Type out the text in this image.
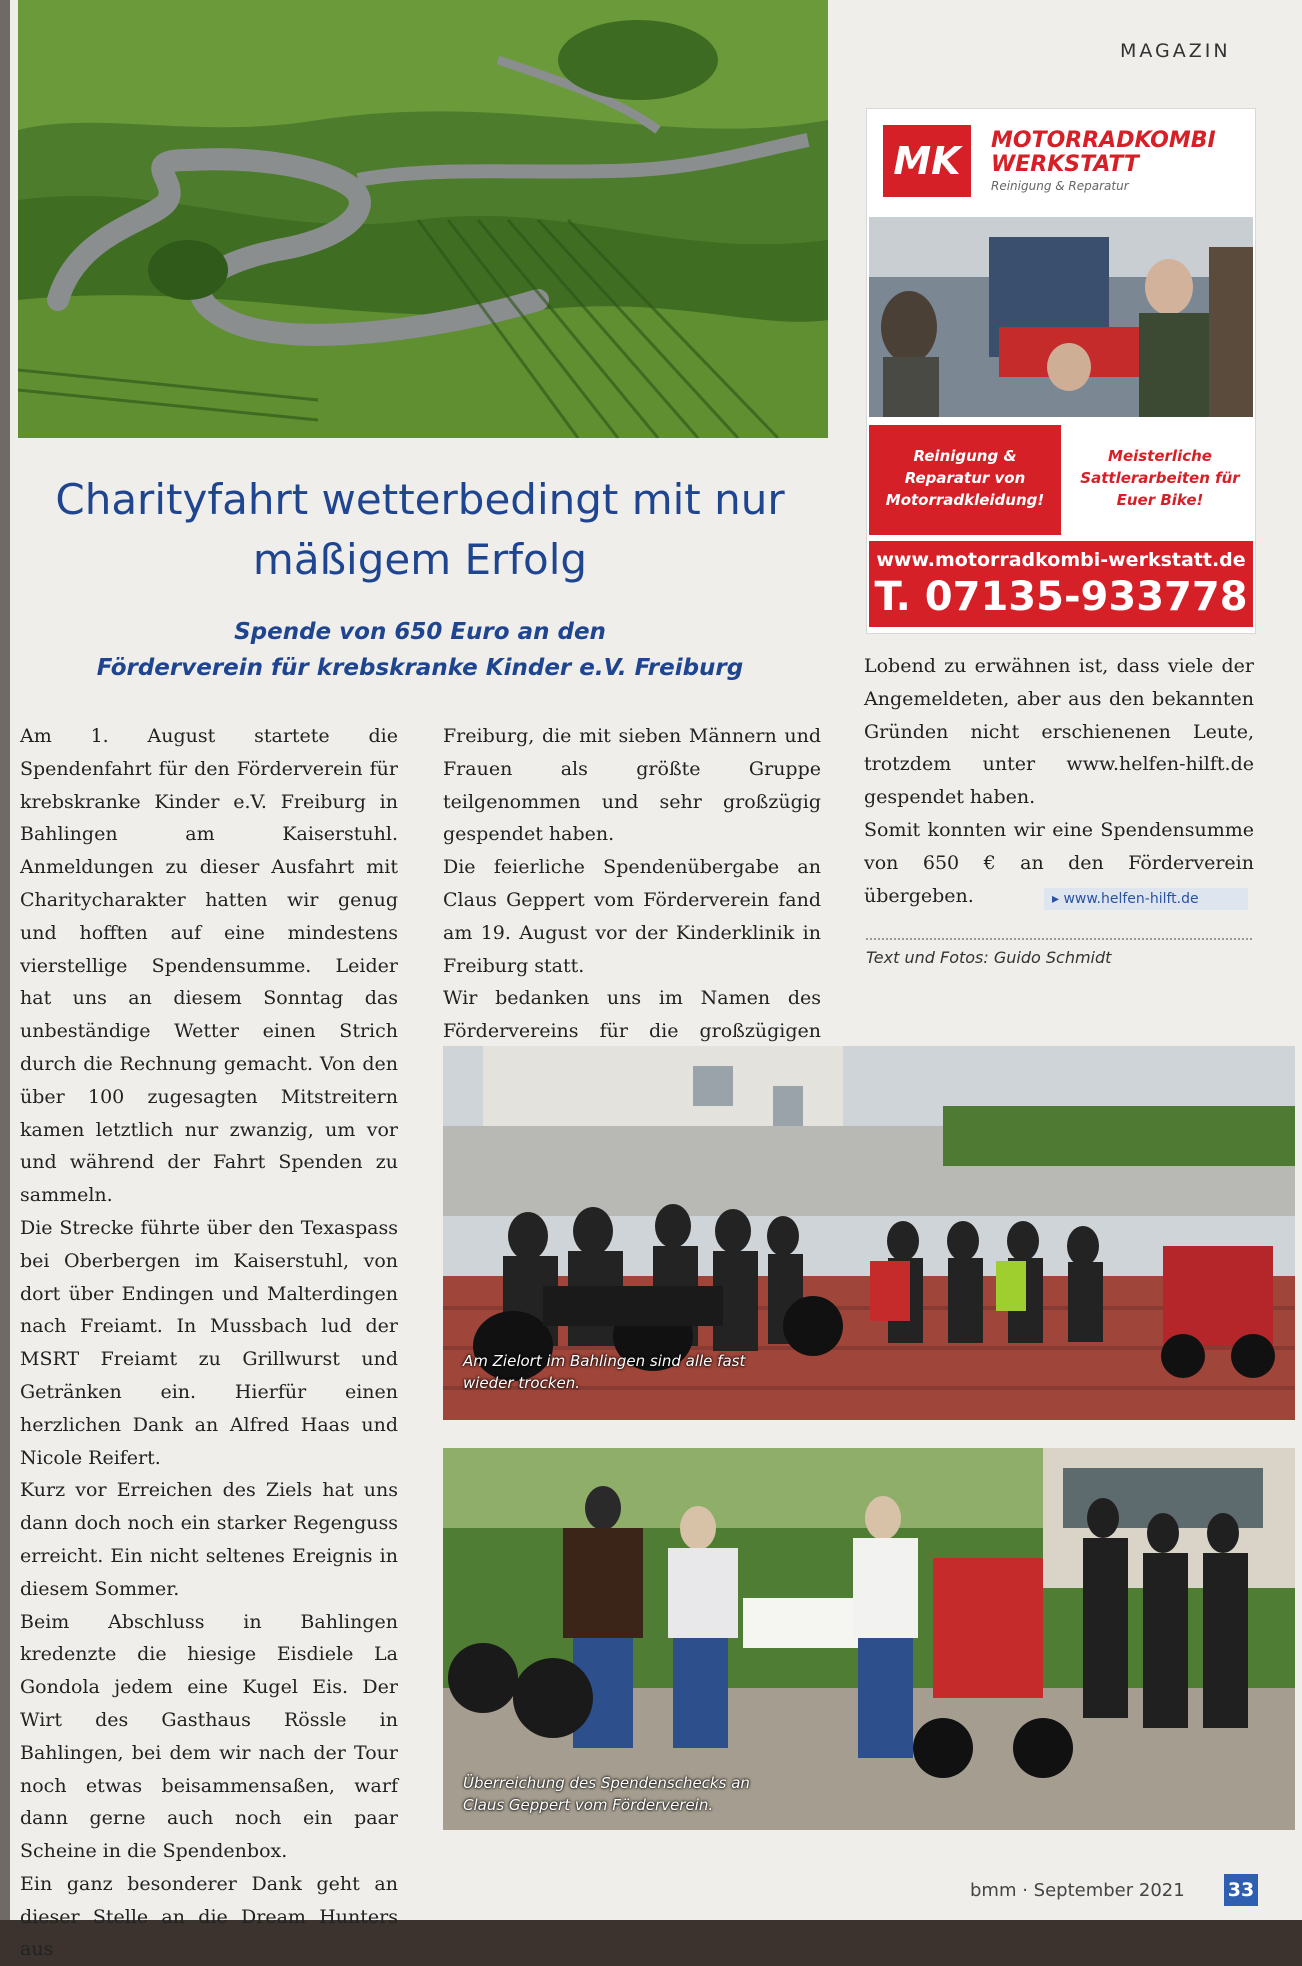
MAGAZIN
MK	MOTORRADKOMBI
WERKSTATT
Reinigung & Reparatur
Reinigung &
Reparatur von
Motorradkleidung!
Meisterliche
Sattlerarbeiten für
Euer Bike!
www.motorradkombi-werkstatt.de
T. 07135-933778
Charityfahrt wetterbedingt mit nur mäßigem Erfolg
Spende von 650 Euro an den
Förderverein für krebskranke Kinder e.V. Freiburg

Am 1. August startete die Spendenfahrt für den Förderverein für krebskranke Kinder e.V. Freiburg in Bahlingen am Kaiserstuhl. Anmeldungen zu dieser Ausfahrt mit Charitycharakter hatten wir genug und hofften auf eine mindestens vierstellige Spendensumme. Leider hat uns an diesem Sonntag das unbeständige Wetter einen Strich durch die Rechnung gemacht. Von den über 100 zugesagten Mitstreitern kamen letztlich nur zwanzig, um vor und während der Fahrt Spenden zu sammeln.

Die Strecke führte über den Texaspass bei Oberbergen im Kaiserstuhl, von dort über Endingen und Malterdingen nach Freiamt. In Mussbach lud der MSRT Freiamt zu Grillwurst und Getränken ein. Hierfür einen herzlichen Dank an Alfred Haas und Nicole Reifert.

Kurz vor Erreichen des Ziels hat uns dann doch noch ein starker Regenguss erreicht. Ein nicht seltenes Ereignis in diesem Sommer.

Beim Abschluss in Bahlingen kredenzte die hiesige Eisdiele La Gondola jedem eine Kugel Eis. Der Wirt des Gasthaus Rössle in Bahlingen, bei dem wir nach der Tour noch etwas beisammensaßen, warf dann gerne auch noch ein paar Scheine in die Spendenbox.

Ein ganz besonderer Dank geht an dieser Stelle an die Dream Hunters aus

Freiburg, die mit sieben Männern und Frauen als größte Gruppe teilgenommen und sehr großzügig gespendet haben.

Die feierliche Spendenübergabe an Claus Geppert vom Förderverein fand am 19. August vor der Kinderklinik in Freiburg statt.

Wir bedanken uns im Namen des Fördervereins für die großzügigen

Lobend zu erwähnen ist, dass viele der Angemeldeten, aber aus den bekannten Gründen nicht erschienenen Leute, trotzdem unter www.helfen-hilft.de gespendet haben.

Somit konnten wir eine Spendensumme von 650 € an den Förderverein übergeben.	▸ www.helfen-hilft.de
Text und Fotos: Guido Schmidt
Am Zielort im Bahlingen sind alle fast
wieder trocken.
Überreichung des Spendenschecks an
Claus Geppert vom Förderverein.
bmm · September 2021 33
www.ds45.de
